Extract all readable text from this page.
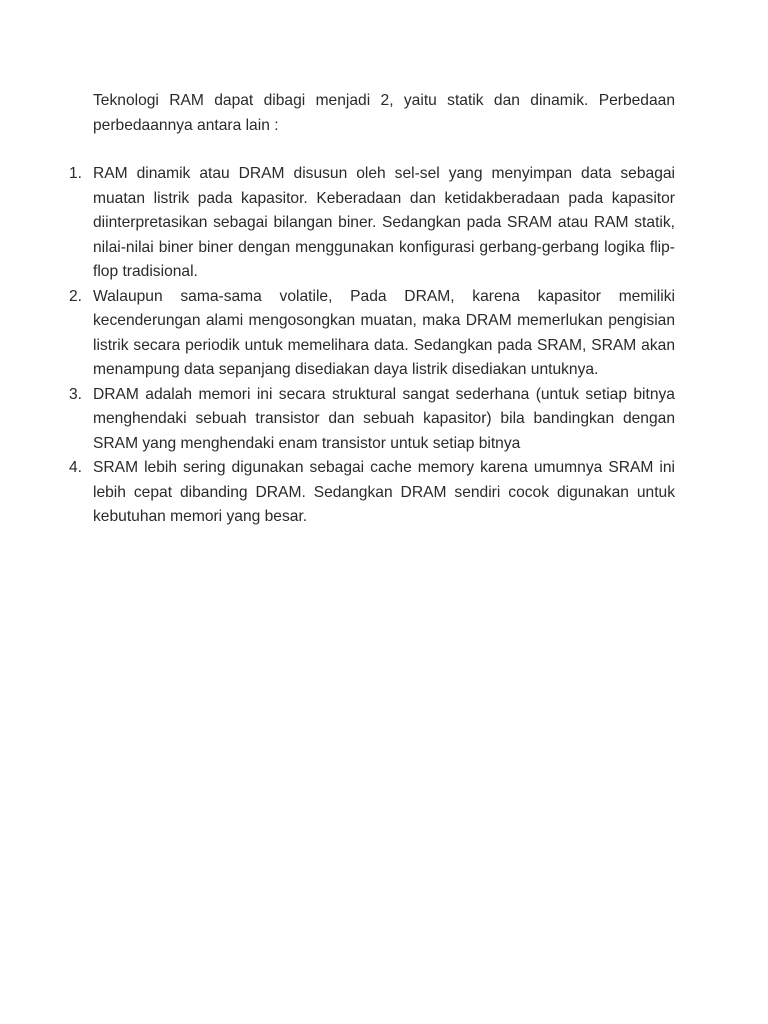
Teknologi RAM dapat dibagi menjadi 2, yaitu statik dan dinamik. Perbedaan perbedaannya antara lain :

1. RAM dinamik atau DRAM disusun oleh sel-sel yang menyimpan data sebagai muatan listrik pada kapasitor. Keberadaan dan ketidakberadaan pada kapasitor diinterpretasikan sebagai bilangan biner. Sedangkan pada SRAM atau RAM statik, nilai-nilai biner biner dengan menggunakan konfigurasi gerbang-gerbang logika flip-flop tradisional.
2. Walaupun sama-sama volatile, Pada DRAM, karena kapasitor memiliki kecenderungan alami mengosongkan muatan, maka DRAM memerlukan pengisian listrik secara periodik untuk memelihara data. Sedangkan pada SRAM, SRAM akan menampung data sepanjang disediakan daya listrik disediakan untuknya.
3. DRAM adalah memori ini secara struktural sangat sederhana (untuk setiap bitnya menghendaki sebuah transistor dan sebuah kapasitor) bila bandingkan dengan SRAM yang menghendaki enam transistor untuk setiap bitnya
4. SRAM lebih sering digunakan sebagai cache memory karena umumnya SRAM ini lebih cepat dibanding DRAM. Sedangkan DRAM sendiri cocok digunakan untuk kebutuhan memori yang besar.
